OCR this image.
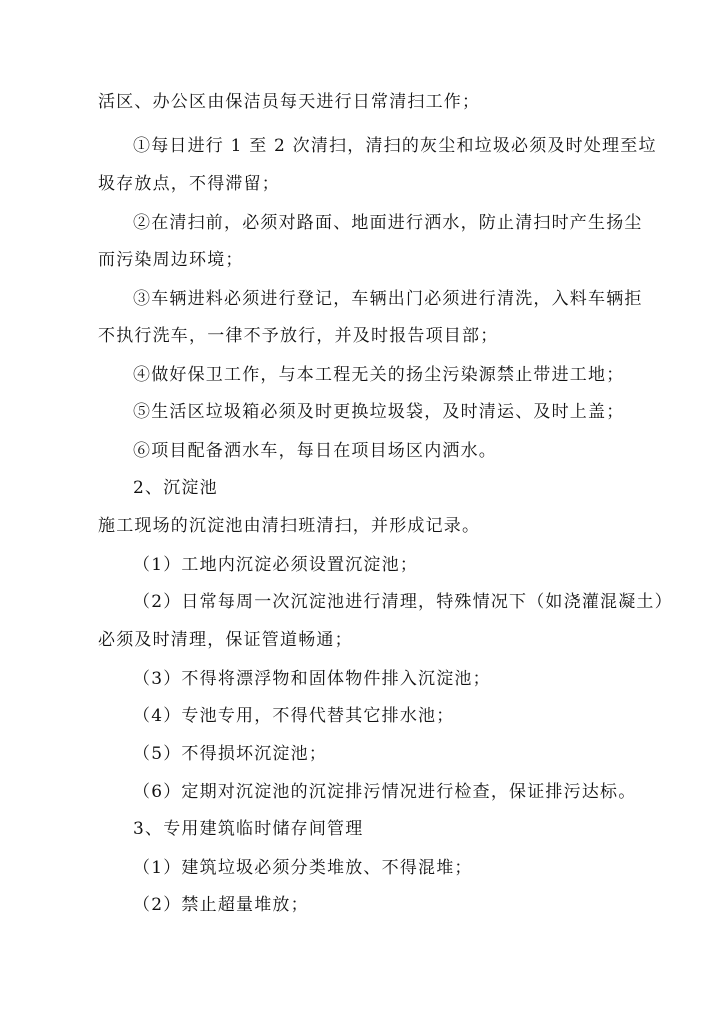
活区、办公区由保洁员每天进行日常清扫工作；
①每日进行 1 至 2 次清扫，清扫的灰尘和垃圾必须及时处理至垃
圾存放点，不得滞留；
②在清扫前，必须对路面、地面进行洒水，防止清扫时产生扬尘
而污染周边环境；
③车辆进料必须进行登记，车辆出门必须进行清洗，入料车辆拒
不执行洗车，一律不予放行，并及时报告项目部；
④做好保卫工作，与本工程无关的扬尘污染源禁止带进工地；
⑤生活区垃圾箱必须及时更换垃圾袋，及时清运、及时上盖；
⑥项目配备洒水车，每日在项目场区内洒水。
2、沉淀池
施工现场的沉淀池由清扫班清扫，并形成记录。
（1）工地内沉淀必须设置沉淀池；
（2）日常每周一次沉淀池进行清理，特殊情况下（如浇灌混凝土）
必须及时清理，保证管道畅通；
（3）不得将漂浮物和固体物件排入沉淀池；
（4）专池专用，不得代替其它排水池；
（5）不得损坏沉淀池；
（6）定期对沉淀池的沉淀排污情况进行检查，保证排污达标。
3、专用建筑临时储存间管理
（1）建筑垃圾必须分类堆放、不得混堆；
（2）禁止超量堆放；
